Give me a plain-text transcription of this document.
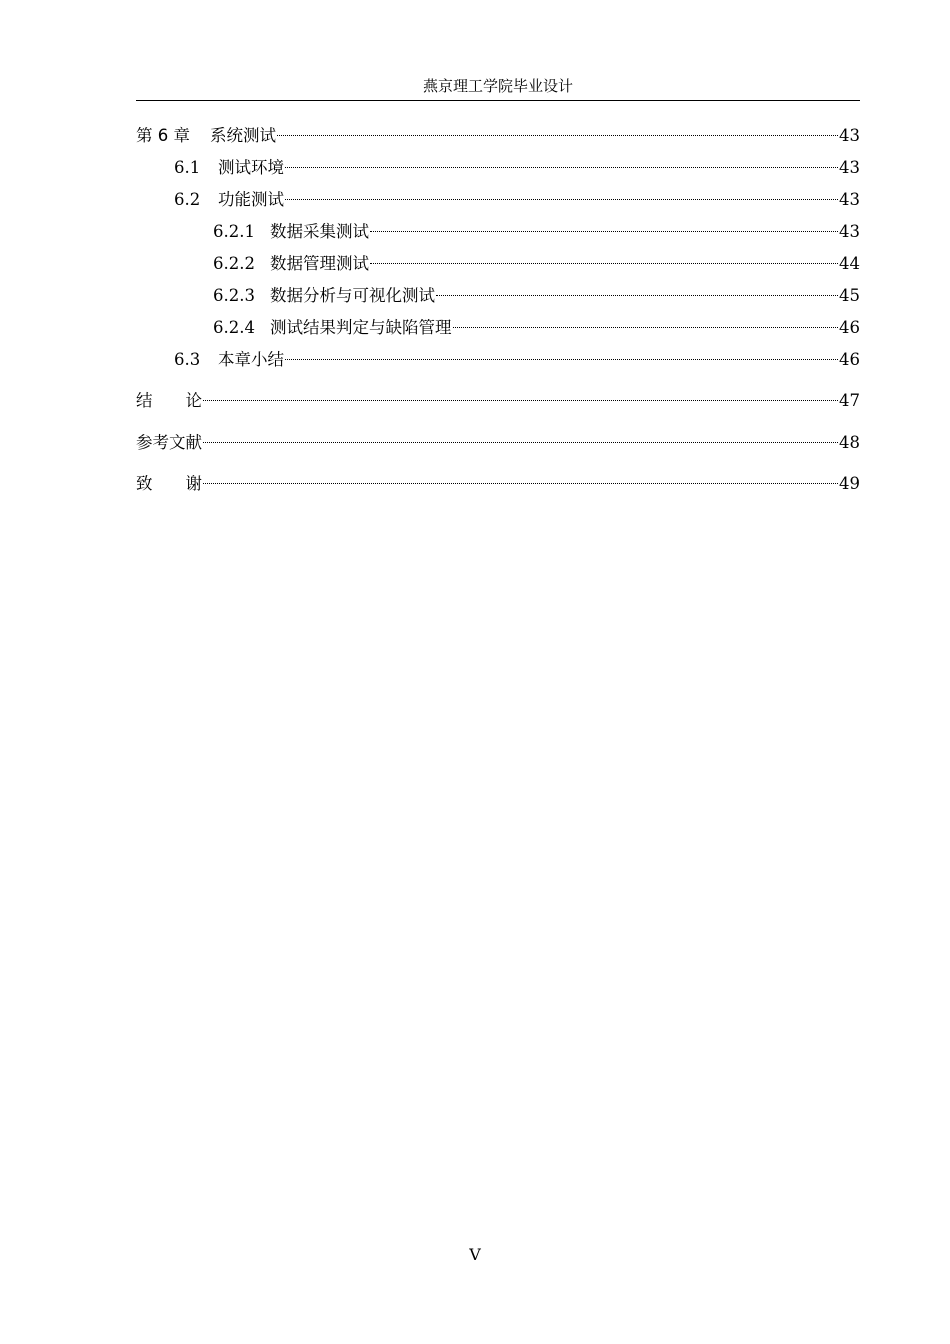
燕京理工学院毕业设计
第 6 章	系统测试	43
6.1	测试环境	43
6.2	功能测试	43
6.2.1 数据采集测试	43
6.2.2 数据管理测试	44
6.2.3 数据分析与可视化测试	45
6.2.4 测试结果判定与缺陷管理	46
6.3	本章小结	46
结　　论	47
参考文献	48
致　　谢	49
V
